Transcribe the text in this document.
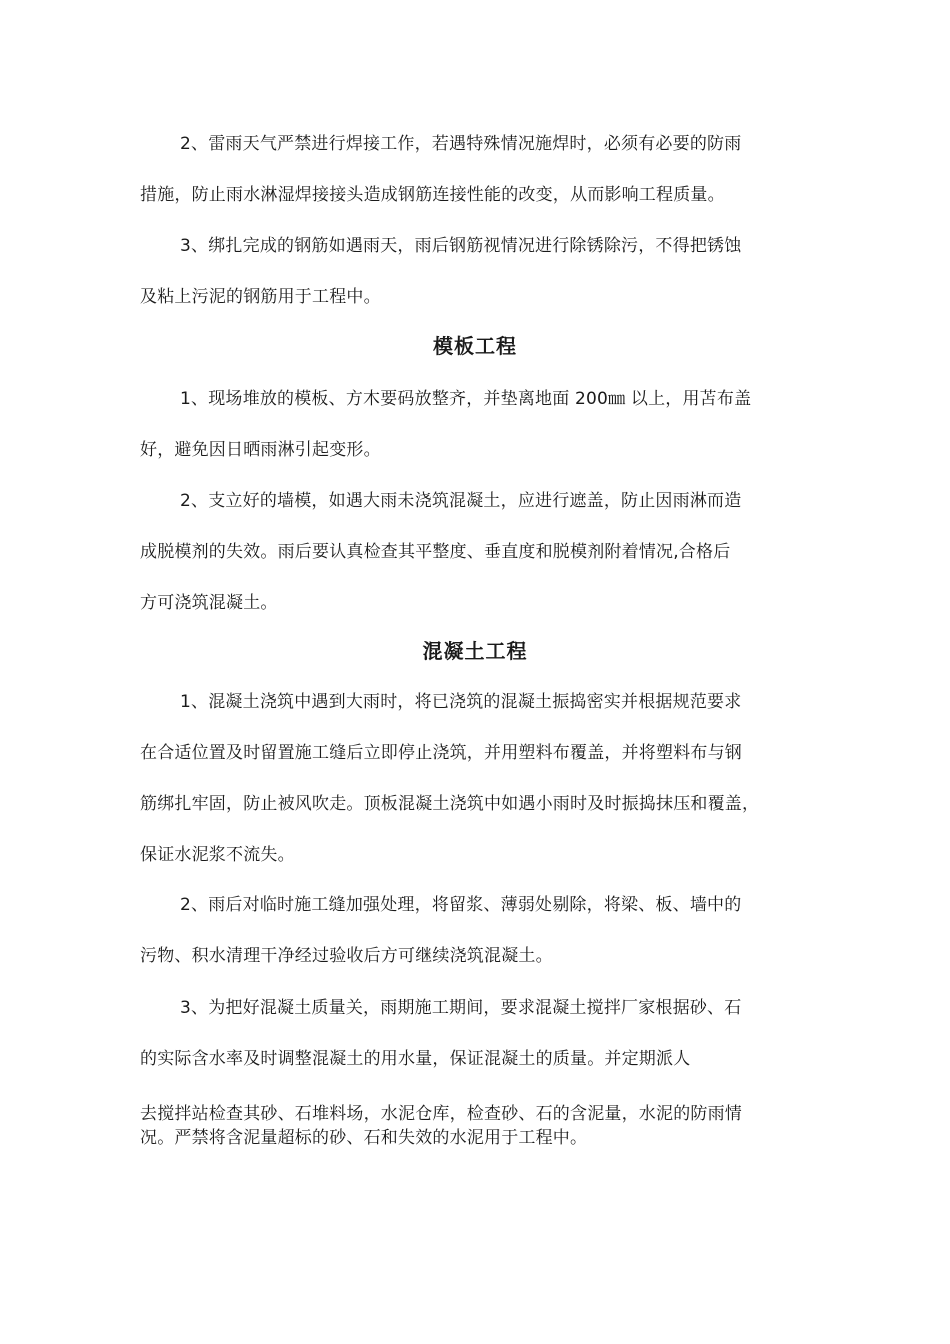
2、雷雨天气严禁进行焊接工作，若遇特殊情况施焊时，必须有必要的防雨
措施，防止雨水淋湿焊接接头造成钢筋连接性能的改变，从而影响工程质量。
3、绑扎完成的钢筋如遇雨天，雨后钢筋视情况进行除锈除污，不得把锈蚀
及粘上污泥的钢筋用于工程中。
模板工程
1、现场堆放的模板、方木要码放整齐，并垫离地面 200㎜ 以上，用苫布盖
好，避免因日晒雨淋引起变形。
2、支立好的墙模，如遇大雨未浇筑混凝土，应进行遮盖，防止因雨淋而造
成脱模剂的失效。雨后要认真检查其平整度、垂直度和脱模剂附着情况,合格后
方可浇筑混凝土。
混凝土工程
1、混凝土浇筑中遇到大雨时，将已浇筑的混凝土振捣密实并根据规范要求
在合适位置及时留置施工缝后立即停止浇筑，并用塑料布覆盖，并将塑料布与钢
筋绑扎牢固，防止被风吹走。顶板混凝土浇筑中如遇小雨时及时振捣抹压和覆盖，
保证水泥浆不流失。
2、雨后对临时施工缝加强处理，将留浆、薄弱处剔除，将梁、板、墙中的
污物、积水清理干净经过验收后方可继续浇筑混凝土。
3、为把好混凝土质量关，雨期施工期间，要求混凝土搅拌厂家根据砂、石
的实际含水率及时调整混凝土的用水量，保证混凝土的质量。并定期派人
去搅拌站检查其砂、石堆料场，水泥仓库，检查砂、石的含泥量，水泥的防雨情
况。严禁将含泥量超标的砂、石和失效的水泥用于工程中。
